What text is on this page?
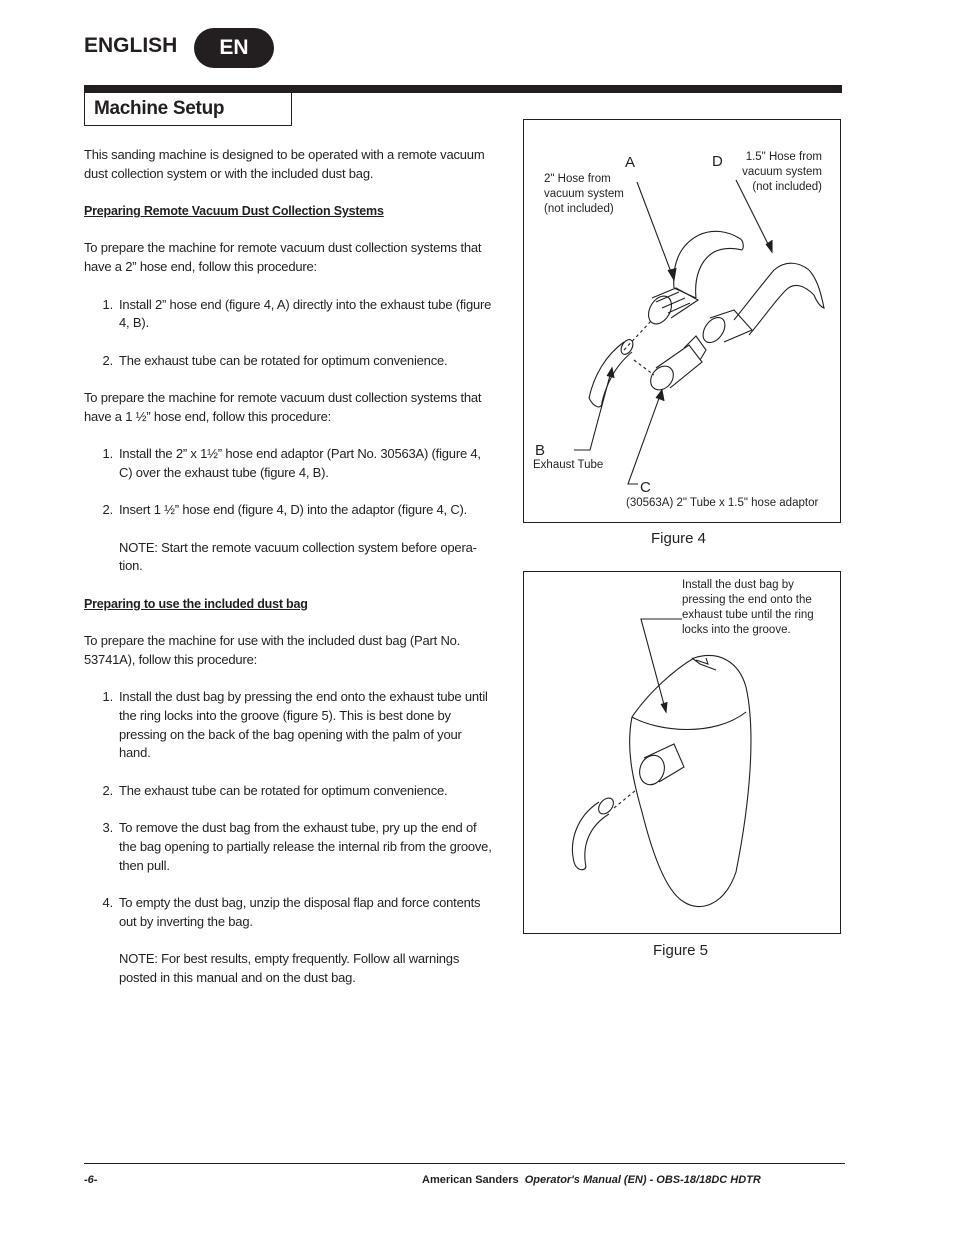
ENGLISH	EN
Machine Setup

This sanding machine is designed to be operated with a remote vacuum dust collection system or with the included dust bag.

Preparing Remote Vacuum Dust Collection Systems

To prepare the machine for remote vacuum dust collection systems that have a 2” hose end, follow this procedure:

1. Install 2” hose end (figure 4, A) directly into the exhaust tube (figure 4, B).
2. The exhaust tube can be rotated for optimum convenience.

To prepare the machine for remote vacuum dust collection systems that have a 1 ½” hose end, follow this procedure:

1. Install the 2” x 1½” hose end adaptor (Part No. 30563A) (figure 4, C) over the exhaust tube (figure 4, B).
2. Insert 1 ½” hose end (figure 4, D) into the adaptor (figure 4, C).

NOTE: Start the remote vacuum collection system before opera-tion.

Preparing to use the included dust bag

To prepare the machine for use with the included dust bag (Part No. 53741A), follow this procedure:

1. Install the dust bag by pressing the end onto the exhaust tube until the ring locks into the groove (figure 5). This is best done by pressing on the back of the bag opening with the palm of your hand.
2. The exhaust tube can be rotated for optimum convenience.
3. To remove the dust bag from the exhaust tube, pry up the end of the bag opening to partially release the internal rib from the groove, then pull.
4. To empty the dust bag, unzip the disposal flap and force contents out by inverting the bag.

NOTE: For best results, empty frequently. Follow all warnings posted in this manual and on the dust bag.

A
2" Hose from
vacuum system
(not included)
D	1.5" Hose from
vacuum system
(not included)
B
Exhaust Tube
C
(30563A) 2" Tube x 1.5" hose adaptor
Figure 4
Install the dust bag by
pressing the end onto the
exhaust tube until the ring
locks into the groove.
Figure 5
-6-	American Sanders Operator's Manual (EN) - OBS-18/18DC HDTR
